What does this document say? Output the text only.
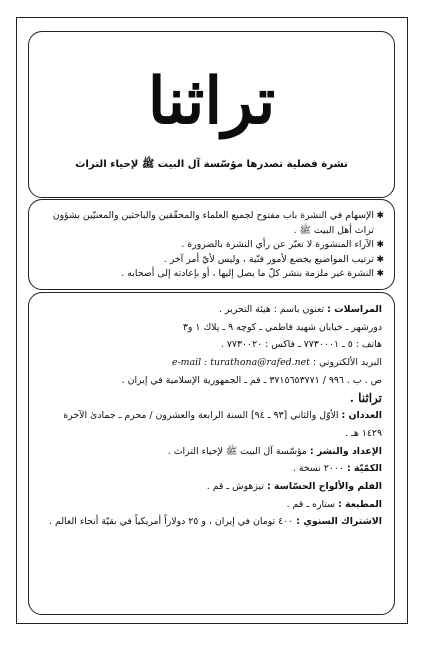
تراثنا
نشرة فصلية تصدرها مؤسّسة آل البيت ﷺ لإحياء التراث
✱
الإسهام في النشرة باب مفتوح لجميع العلماء والمحقّقين والباحثين والمعنيّين بشؤون تراث أهل البيت ﷺ .
✱
الآراء المنشورة لا تعبّر عن رأي النشرة بالضرورة .
✱
ترتيب المواضيع يخضع لأمور فنّية ، وليس لأيّ أمر آخر .
✱
النشرة غير ملزمة بنشر كلّ ما يصل إليها ، أو بإعادته إلى أصحابه .
المراسلات : تعنون باسم : هيئة التحرير .
دورشهر ـ خيابان شهيد فاطمي ـ كوچه ٩ ـ پلاك ١ و٣
هاتف : ٥ ـ ٧٧٣٠٠٠١ ـ فاكس : ٧٧٣٠٠٢٠ .
البريد الألكتروني : e-mail : turathona@rafed.net
ص . ب . ٩٩٦ / ٣٧١٥٦٥٣٧٧١ ـ قم ـ الجمهورية الإسلامية في إيران .
تراثنا .
العددان : الأوّل والثاني [٩٣ ـ ٩٤] السنة الرابعة والعشرون / محرم ـ جمادىٰ الآخرة ١٤٢٩ هـ .
الإعداد والنشر : مؤسّسة آل البيت ﷺ لإحياء التراث .
الكمّيّة : ٢٠٠٠ نسخة .
الفلم والألواح الحسّاسة : تيزهوش ـ قم .
المطبعة : ستاره ـ قم .
الاشتراك السنوي : ٤٠٠ تومان في إيران ، و ٢٥ دولاراً أمريكياً في بقيّة أنحاء العالم .
